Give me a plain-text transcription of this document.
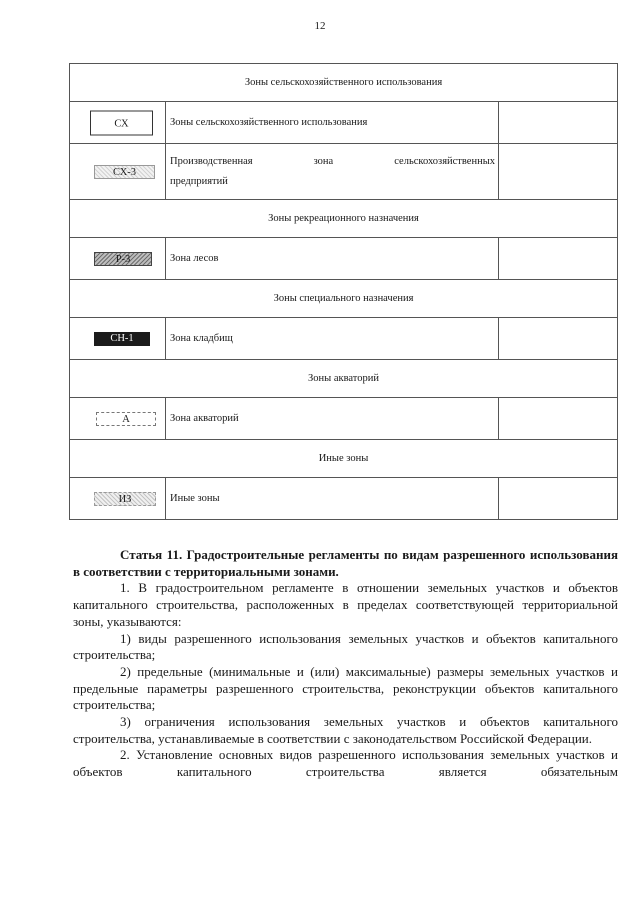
12
Зоны сельскохозяйственного использования		

СХ	Зоны сельскохозяйственного использования	

СХ-3	Производственная зона сельскохозяйственных
предприятий	

Зоны рекреационного назначения		

Р-3	Зона лесов	
Зоны специального назначения		

СН-1	Зона кладбищ	
Зоны акваторий		

А	Зона акваторий	
Иные зоны		

ИЗ	Иные зоны	

Статья 11. Градостроительные регламенты по видам разрешенного использования в соответствии с территориальными зонами.

1. В градостроительном регламенте в отношении земельных участков и объектов капитального строительства, расположенных в пределах соответствующей территориальной зоны, указываются:

1) виды разрешенного использования земельных участков и объектов капитального строительства;

2) предельные (минимальные и (или) максимальные) размеры земельных участков и предельные параметры разрешенного строительства, реконструкции объектов капитального строительства;

3) ограничения использования земельных участков и объектов капитального строительства, устанавливаемые в соответствии с законодательством Российской Федерации.

2. Установление основных видов разрешенного использования земельных участков и объектов капитального строительства является обязательным
